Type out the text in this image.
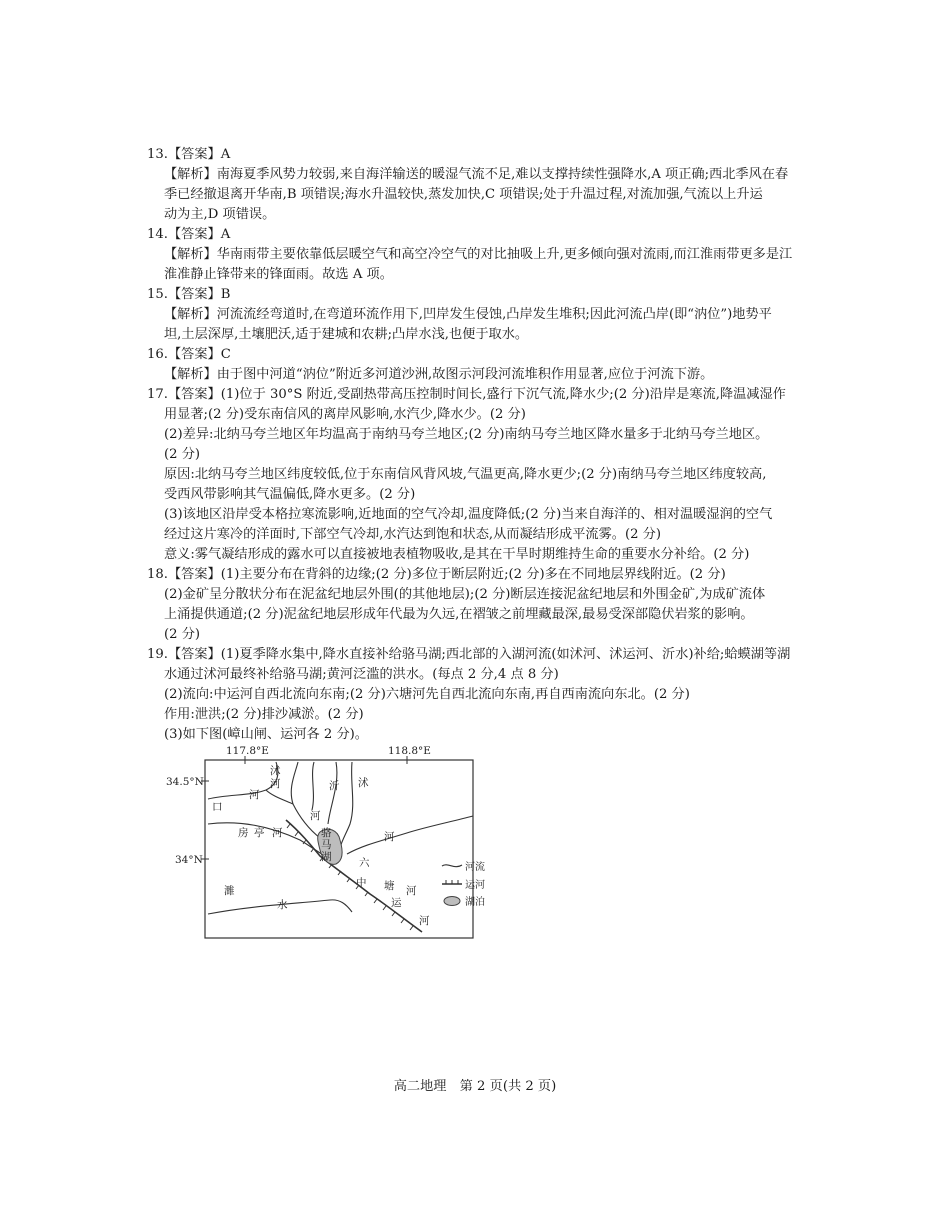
13.【答案】A
【解析】南海夏季风势力较弱,来自海洋输送的暖湿气流不足,难以支撑持续性强降水,A 项正确;西北季风在春
季已经撤退离开华南,B 项错误;海水升温较快,蒸发加快,C 项错误;处于升温过程,对流加强,气流以上升运
动为主,D 项错误。
14.【答案】A
【解析】华南雨带主要依靠低层暖空气和高空冷空气的对比抽吸上升,更多倾向强对流雨,而江淮雨带更多是江
淮准静止锋带来的锋面雨。故选 A 项。
15.【答案】B
【解析】河流流经弯道时,在弯道环流作用下,凹岸发生侵蚀,凸岸发生堆积;因此河流凸岸(即“汭位”)地势平
坦,土层深厚,土壤肥沃,适于建城和农耕;凸岸水浅,也便于取水。
16.【答案】C
【解析】由于图中河道“汭位”附近多河道沙洲,故图示河段河流堆积作用显著,应位于河流下游。
17.【答案】(1)位于 30°S 附近,受副热带高压控制时间长,盛行下沉气流,降水少;(2 分)沿岸是寒流,降温减湿作
用显著;(2 分)受东南信风的离岸风影响,水汽少,降水少。(2 分)
(2)差异:北纳马夸兰地区年均温高于南纳马夸兰地区;(2 分)南纳马夸兰地区降水量多于北纳马夸兰地区。
(2 分)
原因:北纳马夸兰地区纬度较低,位于东南信风背风坡,气温更高,降水更少;(2 分)南纳马夸兰地区纬度较高,
受西风带影响其气温偏低,降水更多。(2 分)
(3)该地区沿岸受本格拉寒流影响,近地面的空气冷却,温度降低;(2 分)当来自海洋的、相对温暖湿润的空气
经过这片寒冷的洋面时,下部空气冷却,水汽达到饱和状态,从而凝结形成平流雾。(2 分)
意义:雾气凝结形成的露水可以直接被地表植物吸收,是其在干旱时期维持生命的重要水分补给。(2 分)
18.【答案】(1)主要分布在背斜的边缘;(2 分)多位于断层附近;(2 分)多在不同地层界线附近。(2 分)
(2)金矿呈分散状分布在泥盆纪地层外围(的其他地层);(2 分)断层连接泥盆纪地层和外围金矿,为成矿流体
上涌提供通道;(2 分)泥盆纪地层形成年代最为久远,在褶皱之前埋藏最深,最易受深部隐伏岩浆的影响。
(2 分)
19.【答案】(1)夏季降水集中,降水直接补给骆马湖;西北部的入湖河流(如沭河、沭运河、沂水)补给;蛤蟆湖等湖
水通过沭河最终补给骆马湖;黄河泛滥的洪水。(每点 2 分,4 点 8 分)
(2)流向:中运河自西北流向东南;(2 分)六塘河先自西北流向东南,再自西南流向东北。(2 分)
作用:泄洪;(2 分)排沙减淤。(2 分)
(3)如下图(嶂山闸、运河各 2 分)。
117.8°E	118.8°E
34.5°N
34°N
沭
河
河
口
沂 沭
河
河
骆
马
湖
房 亭 河
六
塘 河
中
运
河
濉
水
河流
运河
湖泊
高二地理　第 2 页(共 2 页)
